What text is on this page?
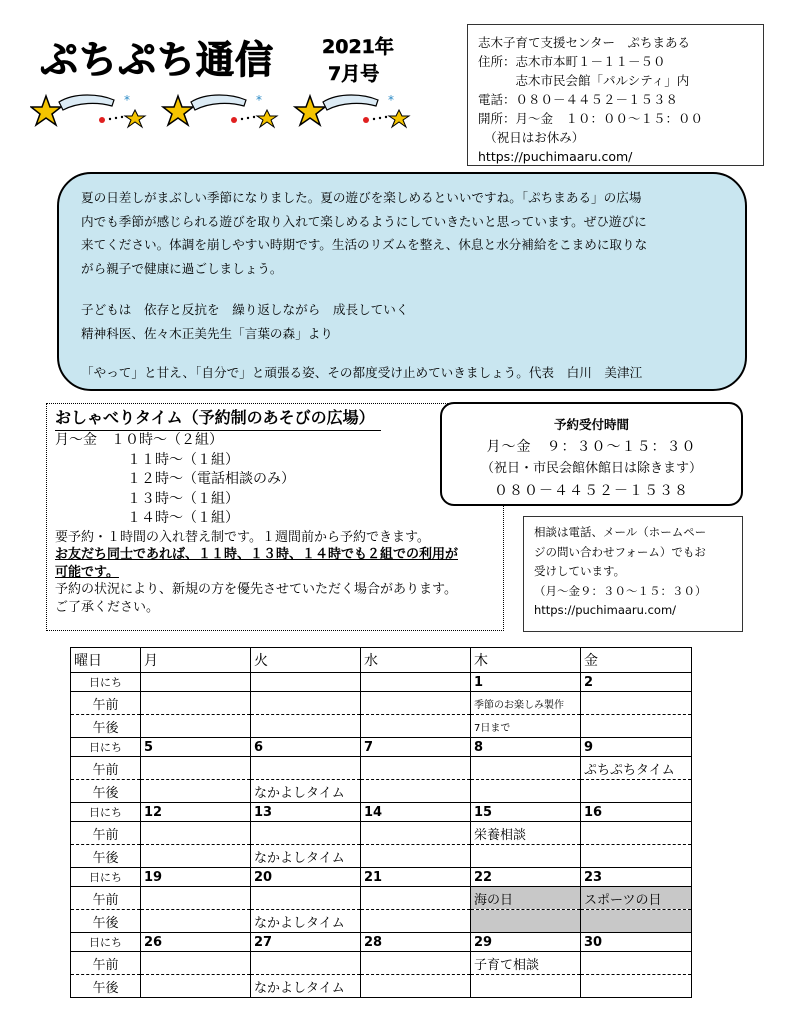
ぷちぷち通信	2021年
7月号
*	*	*
志木子育て支援センター　ぷちまある
住所：志木市本町１－１１－５０
　　　志木市民会館「パルシティ」内
電話：０８０－４４５２－１５３８
開所：月～金　１０：００～１５：００
　（祝日はお休み）
https://puchimaaru.com/

夏の日差しがまぶしい季節になりました。夏の遊びを楽しめるといいですね。「ぷちまある」の広場

内でも季節が感じられる遊びを取り入れて楽しめるようにしていきたいと思っています。ぜひ遊びに

来てください。体調を崩しやすい時期です。生活のリズムを整え、休息と水分補給をこまめに取りな

がら親子で健康に過ごしましょう。

子どもは　依存と反抗を　繰り返しながら　成長していく

精神科医、佐々木正美先生「言葉の森」より

「やって」と甘え、「自分で」と頑張る姿、その都度受け止めていきましょう。代表　白川　美津江

おしゃべりタイム（予約制のあそびの広場）
月～金　１０時～（２組）
１１時～（１組）
１２時～（電話相談のみ）
１３時～（１組）
１４時～（１組）
要予約・１時間の入れ替え制です。１週間前から予約できます。
お友だち同士であれば、１１時、１３時、１４時でも２組での利用が
可能です。
予約の状況により、新規の方を優先させていただく場合があります。
ご了承ください。
予約受付時間
月～金　９：３０～１５：３０
（祝日・市民会館休館日は除きます）
０８０－４４５２－１５３８
相談は電話、メール（ホームペー
ジの問い合わせフォーム）でもお
受けしています。
（月～金９：３０～１５：３０）
https://puchimaaru.com/
曜日	月	火	水	木	金
日にち				1	2
午前				季節のお楽しみ製作	
午後				7日まで	
日にち	5	6	7	8	9
午前					ぷちぷちタイム
午後		なかよしタイム			
日にち	12	13	14	15	16
午前				栄養相談	
午後		なかよしタイム			
日にち	19	20	21	22	23
午前				海の日	スポーツの日
午後		なかよしタイム			
日にち	26	27	28	29	30
午前				子育て相談	
午後		なかよしタイム			
